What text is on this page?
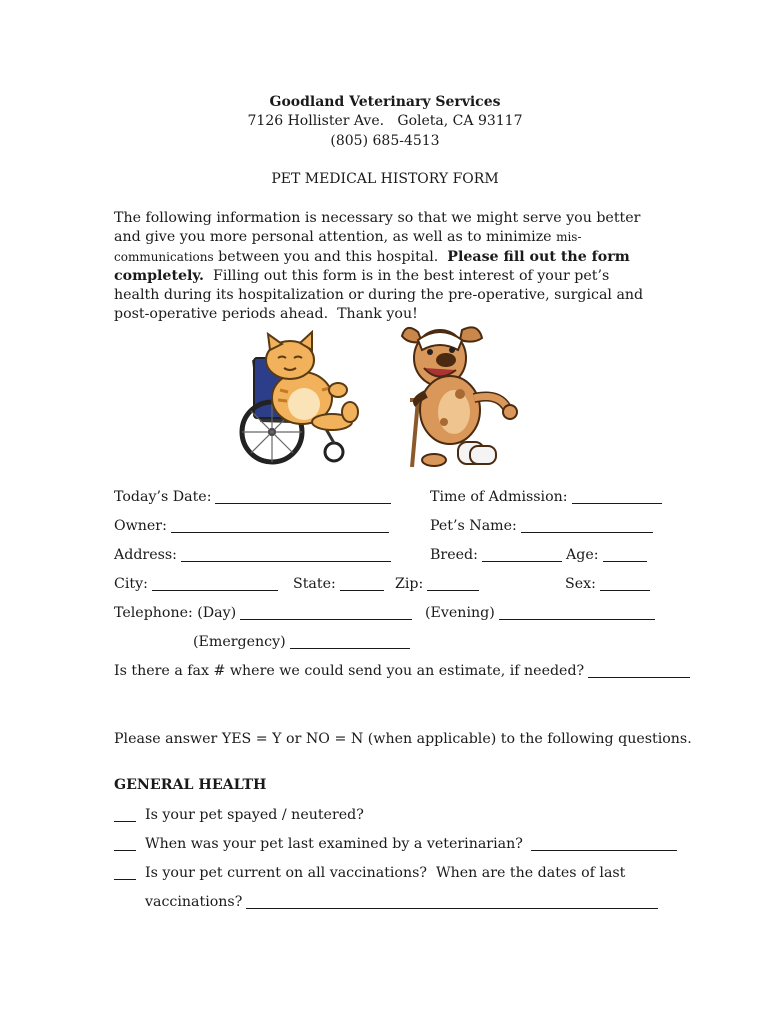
Goodland Veterinary Services
7126 Hollister Ave.   Goleta, CA 93117
(805) 685-4513
PET MEDICAL HISTORY FORM
The following information is necessary so that we might serve you better and give you more personal attention, as well as to minimize mis-communications between you and this hospital.  Please fill out the form completely.  Filling out this form is in the best interest of your pet’s health during its hospitalization or during the pre-operative, surgical and post-operative periods ahead.  Thank you!
Today’s Date:	Time of Admission:
Owner:	Pet’s Name:
Address:	Breed:	Age:
City:	State:	Zip:	Sex:
Telephone: (Day)	(Evening)
(Emergency)
Is there a fax # where we could send you an estimate, if needed?
Please answer YES = Y or NO = N (when applicable) to the following questions.
GENERAL HEALTH
Is your pet spayed / neutered?
When was your pet last examined by a veterinarian?
Is your pet current on all vaccinations?  When are the dates of last
vaccinations?
